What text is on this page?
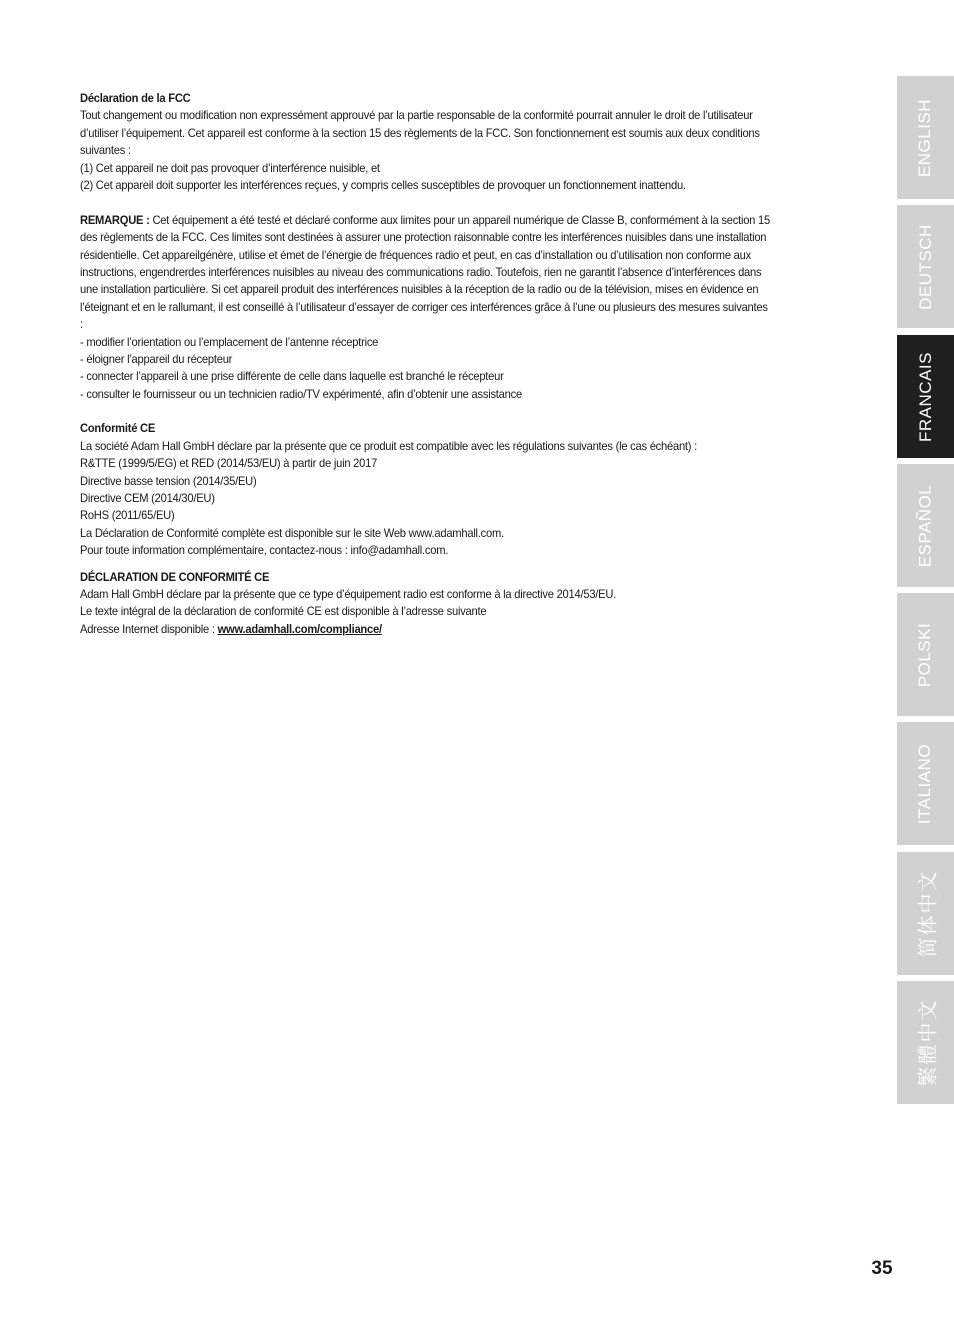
Déclaration de la FCC

Tout changement ou modification non expressément approuvé par la partie responsable de la conformité pourrait annuler le droit de l’utilisateur

d’utiliser l’équipement. Cet appareil est conforme à la section 15 des règlements de la FCC. Son fonctionnement est soumis aux deux conditions

suivantes :

(1) Cet appareil ne doit pas provoquer d’interférence nuisible, et

(2) Cet appareil doit supporter les interférences reçues, y compris celles susceptibles de provoquer un fonctionnement inattendu.

REMARQUE : Cet équipement a été testé et déclaré conforme aux limites pour un appareil numérique de Classe B, conformément à la section 15

des règlements de la FCC. Ces limites sont destinées à assurer une protection raisonnable contre les interférences nuisibles dans une installation

résidentielle. Cet appareilgénère, utilise et émet de l’énergie de fréquences radio et peut, en cas d’installation ou d’utilisation non conforme aux

instructions, engendrerdes interférences nuisibles au niveau des communications radio. Toutefois, rien ne garantit l’absence d’interférences dans

une installation particulière. Si cet appareil produit des interférences nuisibles à la réception de la radio ou de la télévision, mises en évidence en

l’éteignant et en le rallumant, il est conseillé à l’utilisateur d’essayer de corriger ces interférences grâce à l’une ou plusieurs des mesures suivantes

:

- modifier l’orientation ou l’emplacement de l’antenne réceptrice

- éloigner l’appareil du récepteur

- connecter l’appareil à une prise différente de celle dans laquelle est branché le récepteur

- consulter le fournisseur ou un technicien radio/TV expérimenté, afin d’obtenir une assistance

Conformité CE

La société Adam Hall GmbH déclare par la présente que ce produit est compatible avec les régulations suivantes (le cas échéant) :

R&TTE (1999/5/EG) et RED (2014/53/EU) à partir de juin 2017

Directive basse tension (2014/35/EU)

Directive CEM (2014/30/EU)

RoHS (2011/65/EU)

La Déclaration de Conformité complète est disponible sur le site Web www.adamhall.com.

Pour toute information complémentaire, contactez-nous : info@adamhall.com.

DÉCLARATION DE CONFORMITÉ CE

Adam Hall GmbH déclare par la présente que ce type d’équipement radio est conforme à la directive 2014/53/EU.

Le texte intégral de la déclaration de conformité CE est disponible à l’adresse suivante

Adresse Internet disponible : www.adamhall.com/compliance/

ENGLISH
DEUTSCH
FRANCAIS
ESPAÑOL
POLSKI
ITALIANO
简体中文
繁體中文
35
